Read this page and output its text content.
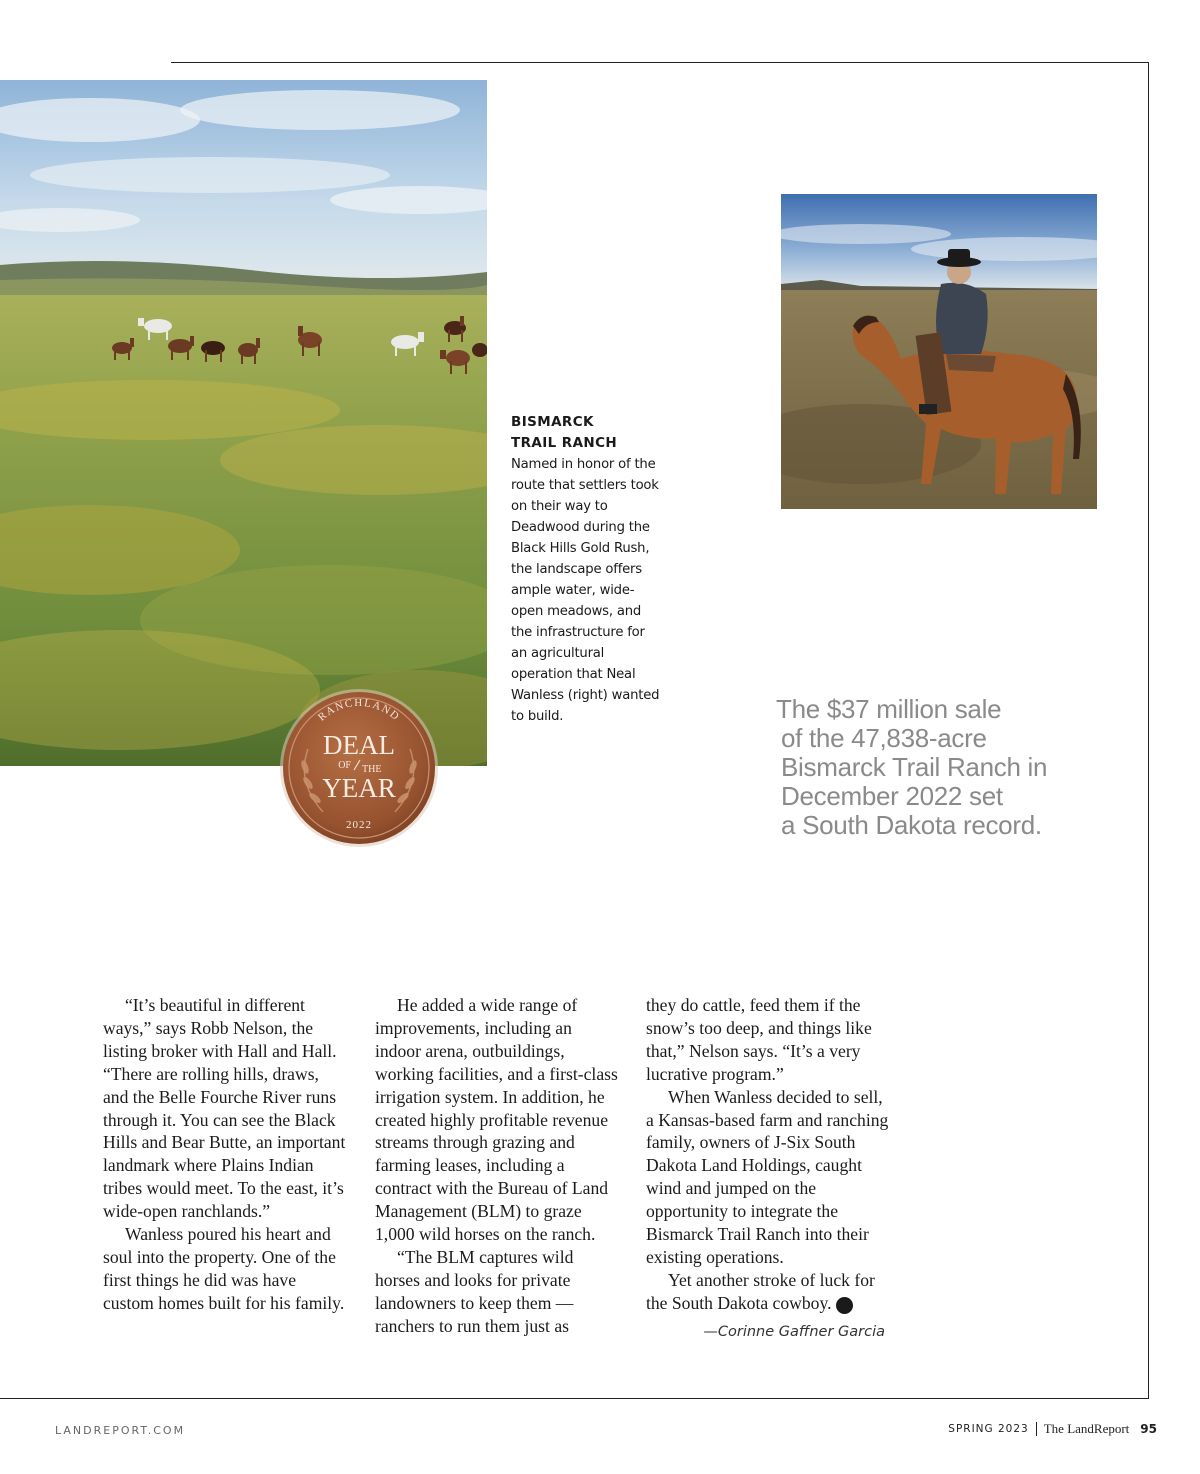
RANCHLAND
DEAL
OF THE
YEAR
2022
BISMARCK
TRAIL RANCH
Named in honor of the route that settlers took on their way to Deadwood during the Black Hills Gold Rush, the landscape offers ample water, wide-open meadows, and the infrastructure for an agricultural operation that Neal Wanless (right) wanted to build.	The $37 million sale
of the 47,838-acre
Bismarck Trail Ranch in
December 2022 set
a South Dakota record.

“It’s beautiful in different ways,” says Robb Nelson, the listing broker with Hall and Hall. “There are rolling hills, draws, and the Belle Fourche River runs through it. You can see the Black Hills and Bear Butte, an important landmark where Plains Indian tribes would meet. To the east, it’s wide-open ranchlands.”

Wanless poured his heart and soul into the property. One of the first things he did was have custom homes built for his family.

He added a wide range of improvements, including an indoor arena, outbuildings, working facilities, and a first-class irrigation system. In addition, he created highly profitable revenue streams through grazing and farming leases, including a contract with the Bureau of Land Management (BLM) to graze 1,000 wild horses on the ranch.

“The BLM captures wild horses and looks for private landowners to keep them — ranchers to run them just as

they do cattle, feed them if the snow’s too deep, and things like that,” Nelson says. “It’s a very lucrative program.”

When Wanless decided to sell, a Kansas-based farm and ranching family, owners of J-Six South Dakota Land Holdings, caught wind and jumped on the opportunity to integrate the Bismarck Trail Ranch into their existing operations.

Yet another stroke of luck for the South Dakota cowboy.	LR

—Corinne Gaffner Garcia
LANDREPORT.COM	SPRING 2023 The LandReport 95
